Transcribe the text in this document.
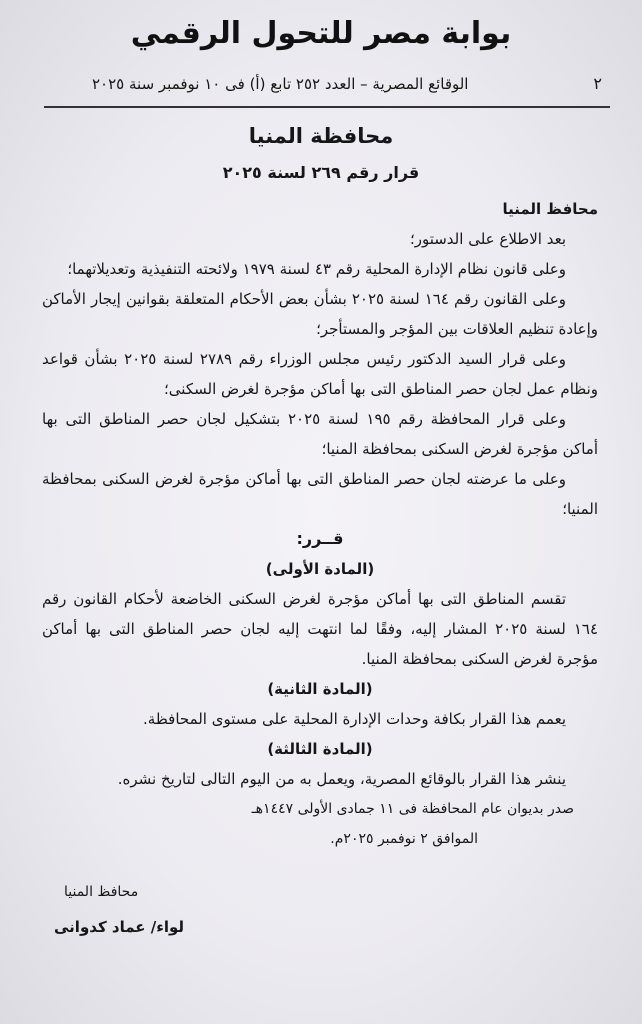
بوابة مصر للتحول الرقمي
٢
الوقائع المصرية – العدد ٢٥٢ تابع (أ) فى ١٠ نوفمبر سنة ٢٠٢٥
محافظة المنيا
قرار رقم ٢٦٩ لسنة ٢٠٢٥

محافظ المنيا

بعد الاطلاع على الدستور؛

وعلى قانون نظام الإدارة المحلية رقم ٤٣ لسنة ١٩٧٩ ولائحته التنفيذية وتعديلاتهما؛

وعلى القانون رقم ١٦٤ لسنة ٢٠٢٥ بشأن بعض الأحكام المتعلقة بقوانين إيجار الأماكن وإعادة تنظيم العلاقات بين المؤجر والمستأجر؛

وعلى قرار السيد الدكتور رئيس مجلس الوزراء رقم ٢٧٨٩ لسنة ٢٠٢٥ بشأن قواعد ونظام عمل لجان حصر المناطق التى بها أماكن مؤجرة لغرض السكنى؛

وعلى قرار المحافظة رقم ١٩٥ لسنة ٢٠٢٥ بتشكيل لجان حصر المناطق التى بها أماكن مؤجرة لغرض السكنى بمحافظة المنيا؛

وعلى ما عرضته لجان حصر المناطق التى بها أماكن مؤجرة لغرض السكنى بمحافظة المنيا؛

قــرر:

(المادة الأولى)

تقسم المناطق التى بها أماكن مؤجرة لغرض السكنى الخاضعة لأحكام القانون رقم ١٦٤ لسنة ٢٠٢٥ المشار إليه، وفقًا لما انتهت إليه لجان حصر المناطق التى بها أماكن مؤجرة لغرض السكنى بمحافظة المنيا.

(المادة الثانية)

يعمم هذا القرار بكافة وحدات الإدارة المحلية على مستوى المحافظة.

(المادة الثالثة)

ينشر هذا القرار بالوقائع المصرية، ويعمل به من اليوم التالى لتاريخ نشره.

صدر بديوان عام المحافظة فى ١١ جمادى الأولى ١٤٤٧هـ

الموافق ٢ نوفمبر ٢٠٢٥م.

محافظ المنيا
لواء/ عماد كدوانى
